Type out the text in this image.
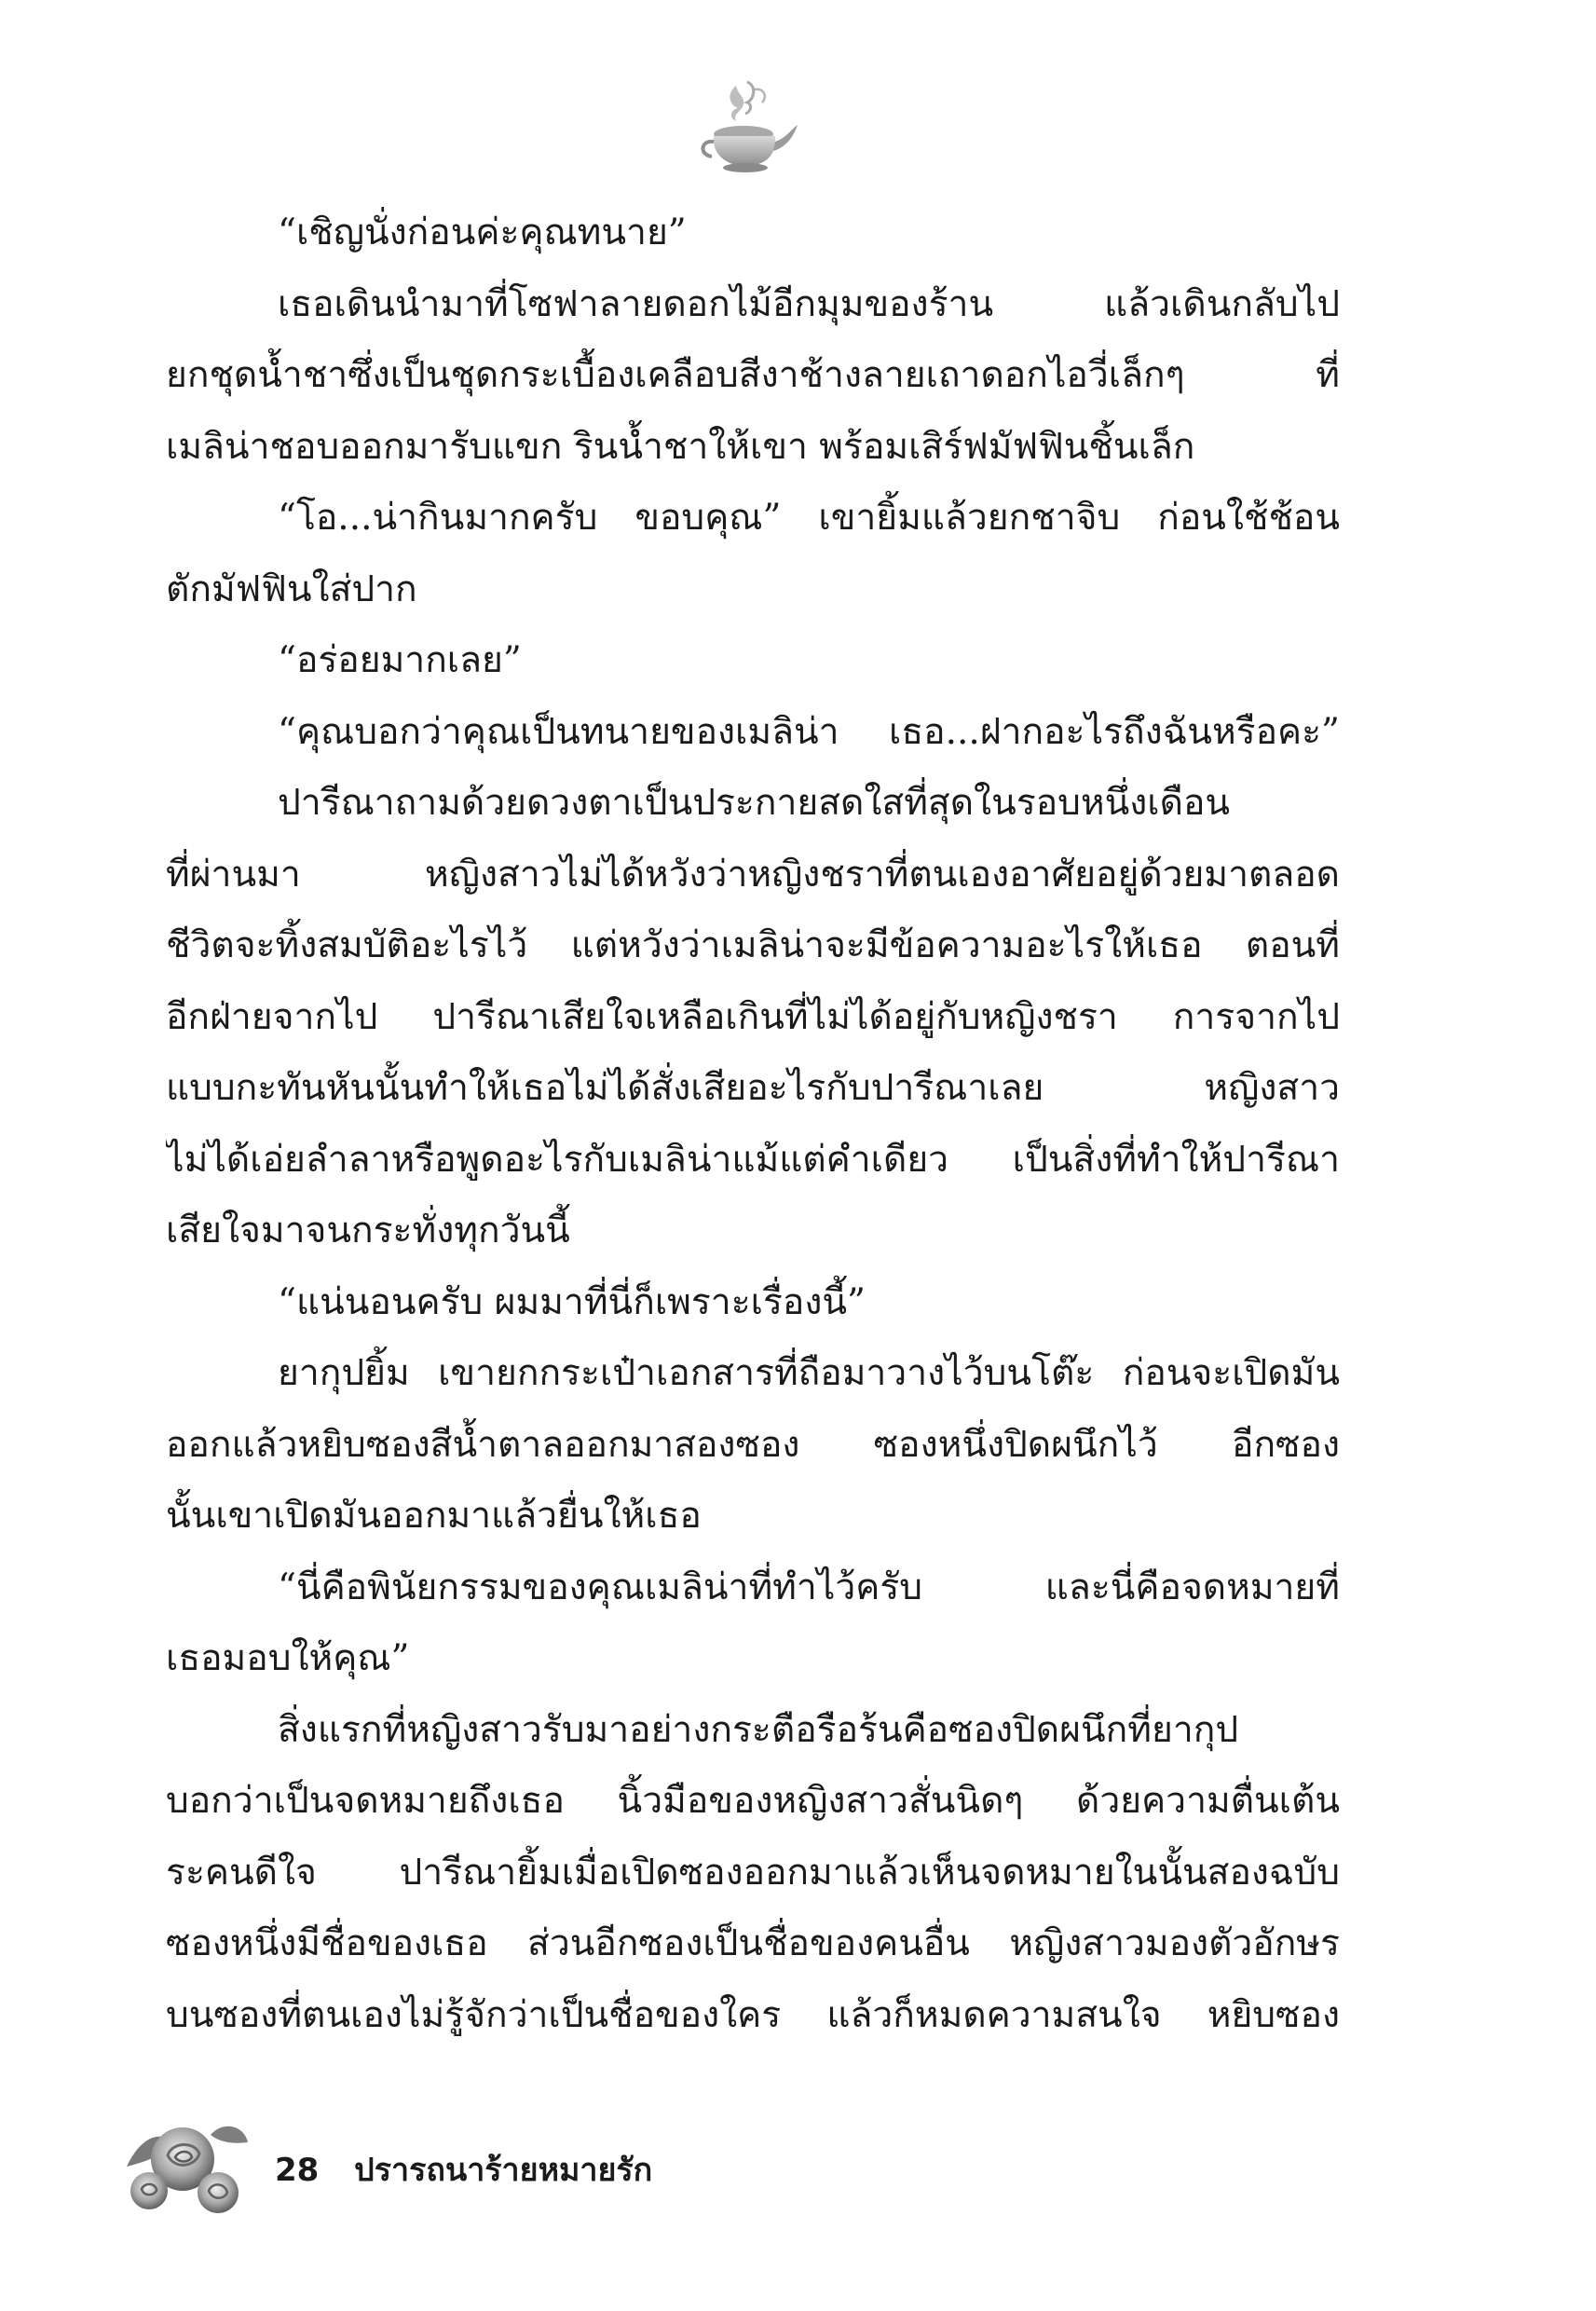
“เชิญนั่งก่อนค่ะคุณทนาย”
เธอเดินนำมาที่โซฟาลายดอกไม้อีกมุมของร้าน แล้วเดินกลับไป
ยกชุดน้ำชาซึ่งเป็นชุดกระเบื้องเคลือบสีงาช้างลายเถาดอกไอวี่เล็กๆ ที่
เมลิน่าชอบออกมารับแขก รินน้ำชาให้เขา พร้อมเสิร์ฟมัฟฟินชิ้นเล็ก
“โอ...น่ากินมากครับ ขอบคุณ” เขายิ้มแล้วยกชาจิบ ก่อนใช้ช้อน
ตักมัฟฟินใส่ปาก
“อร่อยมากเลย”
“คุณบอกว่าคุณเป็นทนายของเมลิน่า เธอ...ฝากอะไรถึงฉันหรือคะ”
ปารีณาถามด้วยดวงตาเป็นประกายสดใสที่สุดในรอบหนึ่งเดือน
ที่ผ่านมา หญิงสาวไม่ได้หวังว่าหญิงชราที่ตนเองอาศัยอยู่ด้วยมาตลอด
ชีวิตจะทิ้งสมบัติอะไรไว้ แต่หวังว่าเมลิน่าจะมีข้อความอะไรให้เธอ ตอนที่
อีกฝ่ายจากไป ปารีณาเสียใจเหลือเกินที่ไม่ได้อยู่กับหญิงชรา การจากไป
แบบกะทันหันนั้นทำให้เธอไม่ได้สั่งเสียอะไรกับปารีณาเลย หญิงสาว
ไม่ได้เอ่ยลำลาหรือพูดอะไรกับเมลิน่าแม้แต่คำเดียว เป็นสิ่งที่ทำให้ปารีณา
เสียใจมาจนกระทั่งทุกวันนี้
“แน่นอนครับ ผมมาที่นี่ก็เพราะเรื่องนี้”
ยากุปยิ้ม เขายกกระเป๋าเอกสารที่ถือมาวางไว้บนโต๊ะ ก่อนจะเปิดมัน
ออกแล้วหยิบซองสีน้ำตาลออกมาสองซอง ซองหนึ่งปิดผนึกไว้ อีกซอง
นั้นเขาเปิดมันออกมาแล้วยื่นให้เธอ
“นี่คือพินัยกรรมของคุณเมลิน่าที่ทำไว้ครับ และนี่คือจดหมายที่
เธอมอบให้คุณ”
สิ่งแรกที่หญิงสาวรับมาอย่างกระตือรือร้นคือซองปิดผนึกที่ยากุป
บอกว่าเป็นจดหมายถึงเธอ นิ้วมือของหญิงสาวสั่นนิดๆ ด้วยความตื่นเต้น
ระคนดีใจ ปารีณายิ้มเมื่อเปิดซองออกมาแล้วเห็นจดหมายในนั้นสองฉบับ
ซองหนึ่งมีชื่อของเธอ ส่วนอีกซองเป็นชื่อของคนอื่น หญิงสาวมองตัวอักษร
บนซองที่ตนเองไม่รู้จักว่าเป็นชื่อของใคร แล้วก็หมดความสนใจ หยิบซอง
28 ปรารถนาร้ายหมายรัก
